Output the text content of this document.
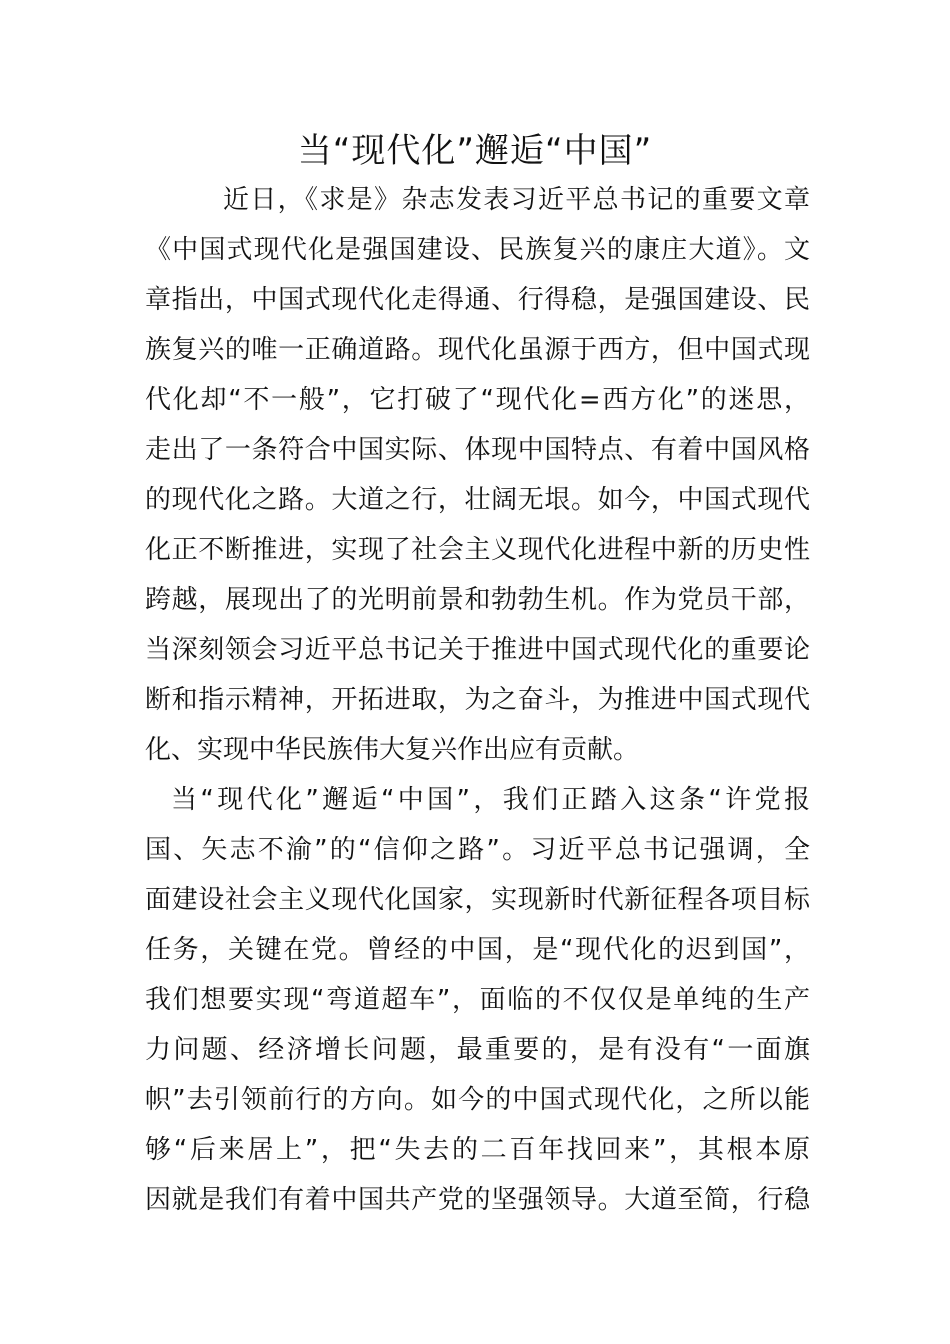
当“现代化”邂逅“中国”
近日，《求是》杂志发表习近平总书记的重要文章
《中国式现代化是强国建设、民族复兴的康庄大道》。文
章指出，中国式现代化走得通、行得稳，是强国建设、民
族复兴的唯一正确道路。现代化虽源于西方，但中国式现
代化却“不一般”，它打破了“现代化=西方化”的迷思，
走出了一条符合中国实际、体现中国特点、有着中国风格
的现代化之路。大道之行，壮阔无垠。如今，中国式现代
化正不断推进，实现了社会主义现代化进程中新的历史性
跨越，展现出了的光明前景和勃勃生机。作为党员干部，
当深刻领会习近平总书记关于推进中国式现代化的重要论
断和指示精神，开拓进取，为之奋斗，为推进中国式现代
化、实现中华民族伟大复兴作出应有贡献。
当“现代化”邂逅“中国”，我们正踏入这条“许党报
国、矢志不渝”的“信仰之路”。习近平总书记强调，全
面建设社会主义现代化国家，实现新时代新征程各项目标
任务，关键在党。曾经的中国，是“现代化的迟到国”，
我们想要实现“弯道超车”，面临的不仅仅是单纯的生产
力问题、经济增长问题，最重要的，是有没有“一面旗
帜”去引领前行的方向。如今的中国式现代化，之所以能
够“后来居上”，把“失去的二百年找回来”，其根本原
因就是我们有着中国共产党的坚强领导。大道至简，行稳
